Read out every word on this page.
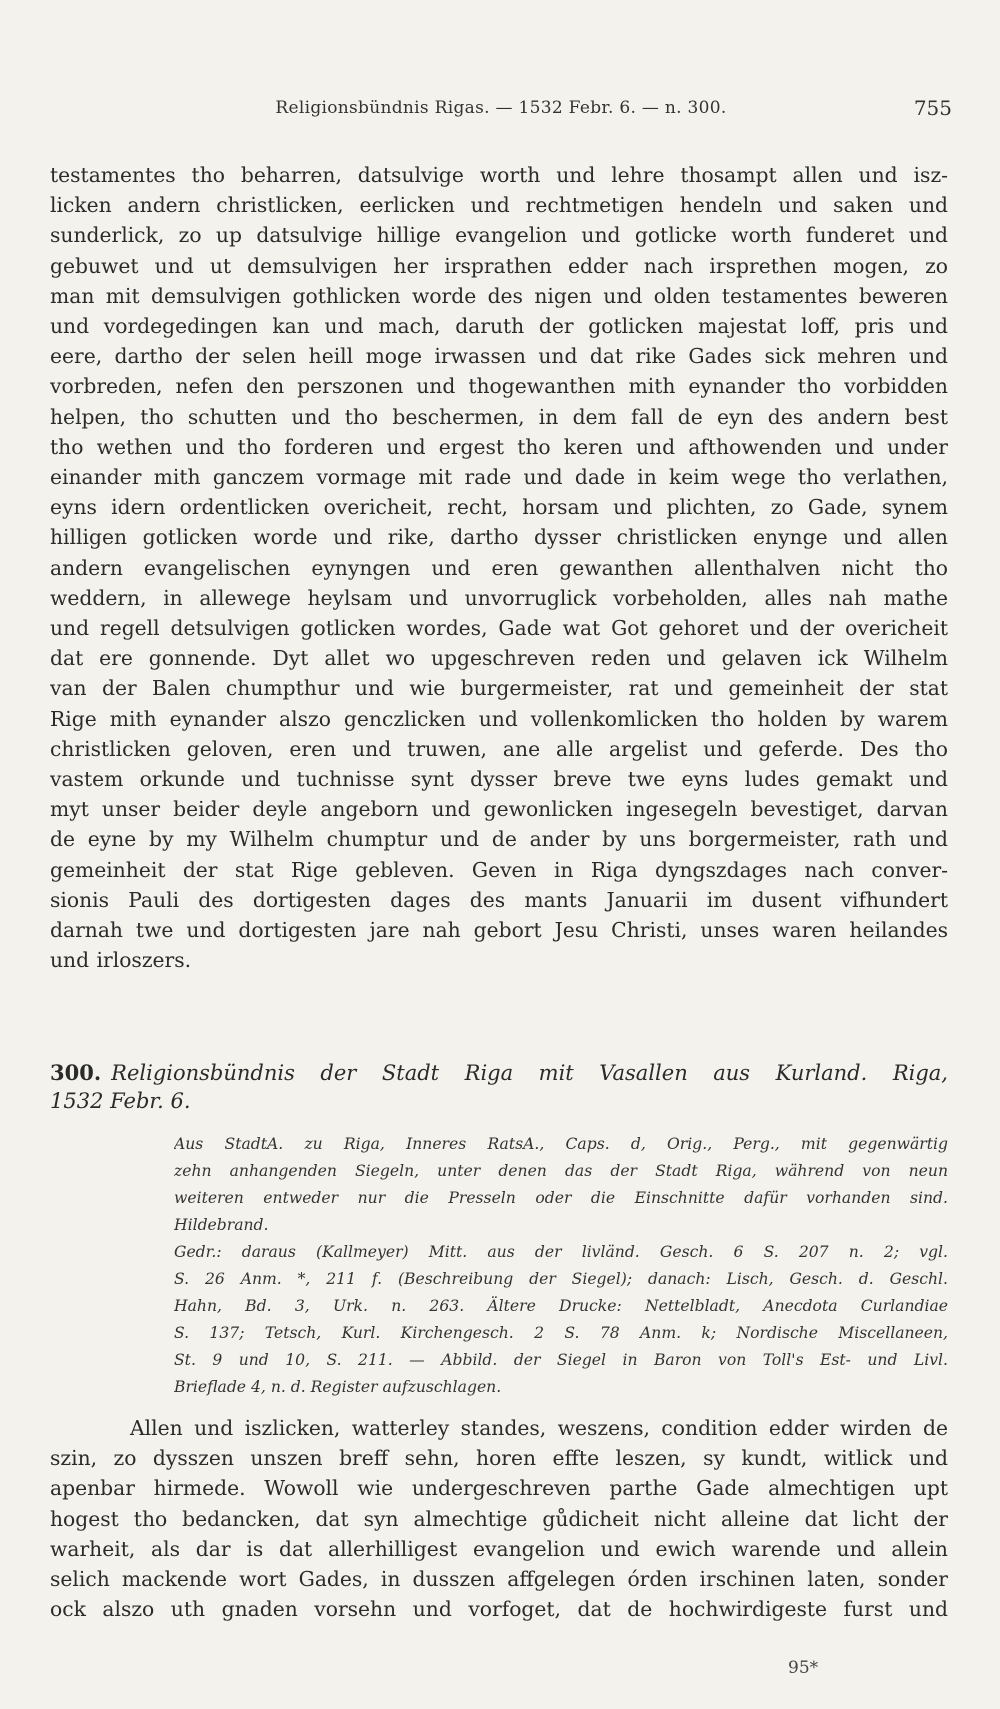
Religionsbündnis Rigas. — 1532 Febr. 6. — n. 300.	755
testamentes tho beharren, datsulvige worth und lehre thosampt allen und isz-
licken andern christlicken, eerlicken und rechtmetigen hendeln und saken und
sunderlick, zo up datsulvige hillige evangelion und gotlicke worth funderet und
gebuwet und ut demsulvigen her irsprathen edder nach irsprethen mogen, zo
man mit demsulvigen gothlicken worde des nigen und olden testamentes beweren
und vordegedingen kan und mach, daruth der gotlicken majestat loff, pris und
eere, dartho der selen heill moge irwassen und dat rike Gades sick mehren und
vorbreden, nefen den perszonen und thogewanthen mith eynander tho vorbidden
helpen, tho schutten und tho beschermen, in dem fall de eyn des andern best
tho wethen und tho forderen und ergest tho keren und afthowenden und under
einander mith ganczem vormage mit rade und dade in keim wege tho verlathen,
eyns idern ordentlicken overicheit, recht, horsam und plichten, zo Gade, synem
hilligen gotlicken worde und rike, dartho dysser christlicken enynge und allen
andern evangelischen eynyngen und eren gewanthen allenthalven nicht tho
weddern, in allewege heylsam und unvorruglick vorbeholden, alles nah mathe
und regell detsulvigen gotlicken wordes, Gade wat Got gehoret und der overicheit
dat ere gonnende. Dyt allet wo upgeschreven reden und gelaven ick Wilhelm
van der Balen chumpthur und wie burgermeister, rat und gemeinheit der stat
Rige mith eynander alszo genczlicken und vollenkomlicken tho holden by warem
christlicken geloven, eren und truwen, ane alle argelist und geferde. Des tho
vastem orkunde und tuchnisse synt dysser breve twe eyns ludes gemakt und
myt unser beider deyle angeborn und gewonlicken ingesegeln bevestiget, darvan
de eyne by my Wilhelm chumptur und de ander by uns borgermeister, rath und
gemeinheit der stat Rige gebleven. Geven in Riga dyngszdages nach conver-
sionis Pauli des dortigesten dages des mants Januarii im dusent vifhundert
darnah twe und dortigesten jare nah gebort Jesu Christi, unses waren heilandes
und irloszers.
300. Religionsbündnis der Stadt Riga mit Vasallen aus Kurland. Riga,
1532 Febr. 6.
Aus StadtA. zu Riga, Inneres RatsA., Caps. d, Orig., Perg., mit gegenwärtig
zehn anhangenden Siegeln, unter denen das der Stadt Riga, während von neun
weiteren entweder nur die Presseln oder die Einschnitte dafür vorhanden sind.
Hildebrand.
Gedr.: daraus (Kallmeyer) Mitt. aus der livländ. Gesch. 6 S. 207 n. 2; vgl.
S. 26 Anm. *, 211 f. (Beschreibung der Siegel); danach: Lisch, Gesch. d. Geschl.
Hahn, Bd. 3, Urk. n. 263. Ältere Drucke: Nettelbladt, Anecdota Curlandiae
S. 137; Tetsch, Kurl. Kirchengesch. 2 S. 78 Anm. k; Nordische Miscellaneen,
St. 9 und 10, S. 211. — Abbild. der Siegel in Baron von Toll's Est- und Livl.
Brieflade 4, n. d. Register aufzuschlagen.
Allen und iszlicken, watterley standes, weszens, condition edder wirden de
szin, zo dysszen unszen breff sehn, horen effte leszen, sy kundt, witlick und
apenbar hirmede. Wowoll wie undergeschreven parthe Gade almechtigen upt
hogest tho bedancken, dat syn almechtige gůdicheit nicht alleine dat licht der
warheit, als dar is dat allerhilligest evangelion und ewich warende und allein
selich mackende wort Gades, in dusszen affgelegen órden irschinen laten, sonder
ock alszo uth gnaden vorsehn und vorfoget, dat de hochwirdigeste furst und
95*
